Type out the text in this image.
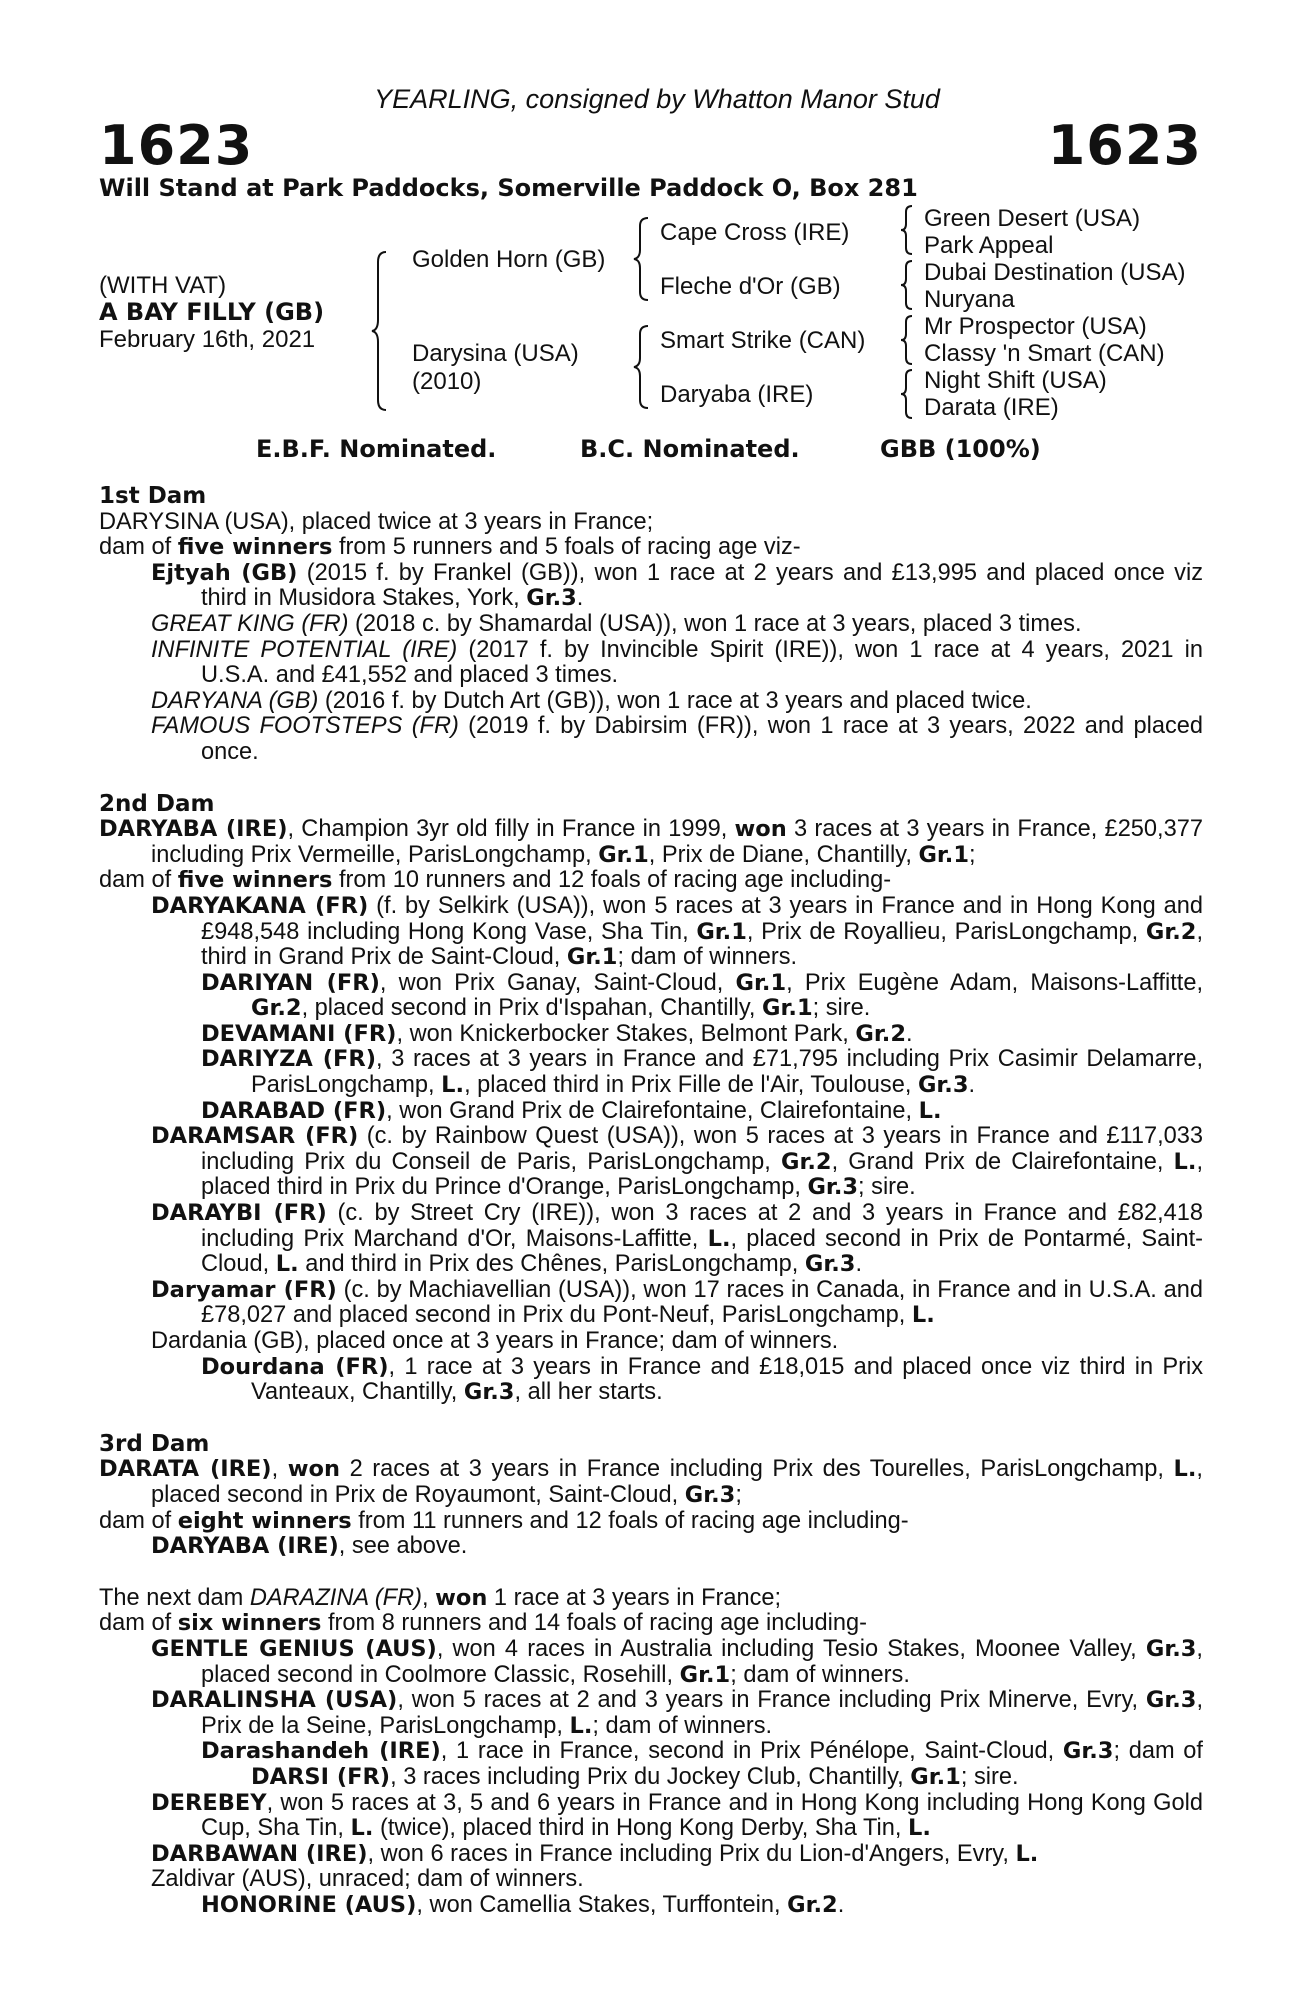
YEARLING, consigned by Whatton Manor Stud
1623	1623
Will Stand at Park Paddocks, Somerville Paddock O, Box 281
(WITH VAT)
A BAY FILLY (GB)
February 16th, 2021
Golden Horn (GB)
Darysina (USA)
(2010)
Cape Cross (IRE)
Fleche d'Or (GB)
Smart Strike (CAN)
Daryaba (IRE)
Green Desert (USA)
Park Appeal
Dubai Destination (USA)
Nuryana
Mr Prospector (USA)
Classy 'n Smart (CAN)
Night Shift (USA)
Darata (IRE)
E.B.F. Nominated.	B.C. Nominated.	GBB (100%)

1st Dam

DARYSINA (USA), placed twice at 3 years in France;

dam of five winners from 5 runners and 5 foals of racing age viz-

Ejtyah (GB) (2015 f. by Frankel (GB)), won 1 race at 2 years and £13,995 and placed once viz third in Musidora Stakes, York, Gr.3.

GREAT KING (FR) (2018 c. by Shamardal (USA)), won 1 race at 3 years, placed 3 times.

INFINITE POTENTIAL (IRE) (2017 f. by Invincible Spirit (IRE)), won 1 race at 4 years, 2021 in U.S.A. and £41,552 and placed 3 times.

DARYANA (GB) (2016 f. by Dutch Art (GB)), won 1 race at 3 years and placed twice.

FAMOUS FOOTSTEPS (FR) (2019 f. by Dabirsim (FR)), won 1 race at 3 years, 2022 and placed once.

2nd Dam

DARYABA (IRE), Champion 3yr old filly in France in 1999, won 3 races at 3 years in France, £250,377 including Prix Vermeille, ParisLongchamp, Gr.1, Prix de Diane, Chantilly, Gr.1;

dam of five winners from 10 runners and 12 foals of racing age including-

DARYAKANA (FR) (f. by Selkirk (USA)), won 5 races at 3 years in France and in Hong Kong and £948,548 including Hong Kong Vase, Sha Tin, Gr.1, Prix de Royallieu, ParisLongchamp, Gr.2, third in Grand Prix de Saint-Cloud, Gr.1; dam of winners.

DARIYAN (FR), won Prix Ganay, Saint-Cloud, Gr.1, Prix Eugène Adam, Maisons-Laffitte, Gr.2, placed second in Prix d'Ispahan, Chantilly, Gr.1; sire.

DEVAMANI (FR), won Knickerbocker Stakes, Belmont Park, Gr.2.

DARIYZA (FR), 3 races at 3 years in France and £71,795 including Prix Casimir Delamarre, ParisLongchamp, L., placed third in Prix Fille de l'Air, Toulouse, Gr.3.

DARABAD (FR), won Grand Prix de Clairefontaine, Clairefontaine, L.

DARAMSAR (FR) (c. by Rainbow Quest (USA)), won 5 races at 3 years in France and £117,033 including Prix du Conseil de Paris, ParisLongchamp, Gr.2, Grand Prix de Clairefontaine, L., placed third in Prix du Prince d'Orange, ParisLongchamp, Gr.3; sire.

DARAYBI (FR) (c. by Street Cry (IRE)), won 3 races at 2 and 3 years in France and £82,418 including Prix Marchand d'Or, Maisons-Laffitte, L., placed second in Prix de Pontarmé, Saint-Cloud, L. and third in Prix des Chênes, ParisLongchamp, Gr.3.

Daryamar (FR) (c. by Machiavellian (USA)), won 17 races in Canada, in France and in U.S.A. and £78,027 and placed second in Prix du Pont-Neuf, ParisLongchamp, L.

Dardania (GB), placed once at 3 years in France; dam of winners.

Dourdana (FR), 1 race at 3 years in France and £18,015 and placed once viz third in Prix Vanteaux, Chantilly, Gr.3, all her starts.

3rd Dam

DARATA (IRE), won 2 races at 3 years in France including Prix des Tourelles, ParisLongchamp, L., placed second in Prix de Royaumont, Saint-Cloud, Gr.3;

dam of eight winners from 11 runners and 12 foals of racing age including-

DARYABA (IRE), see above.

The next dam DARAZINA (FR), won 1 race at 3 years in France;

dam of six winners from 8 runners and 14 foals of racing age including-

GENTLE GENIUS (AUS), won 4 races in Australia including Tesio Stakes, Moonee Valley, Gr.3, placed second in Coolmore Classic, Rosehill, Gr.1; dam of winners.

DARALINSHA (USA), won 5 races at 2 and 3 years in France including Prix Minerve, Evry, Gr.3, Prix de la Seine, ParisLongchamp, L.; dam of winners.

Darashandeh (IRE), 1 race in France, second in Prix Pénélope, Saint-Cloud, Gr.3; dam of DARSI (FR), 3 races including Prix du Jockey Club, Chantilly, Gr.1; sire.

DEREBEY, won 5 races at 3, 5 and 6 years in France and in Hong Kong including Hong Kong Gold Cup, Sha Tin, L. (twice), placed third in Hong Kong Derby, Sha Tin, L.

DARBAWAN (IRE), won 6 races in France including Prix du Lion-d'Angers, Evry, L.

Zaldivar (AUS), unraced; dam of winners.

HONORINE (AUS), won Camellia Stakes, Turffontein, Gr.2.
